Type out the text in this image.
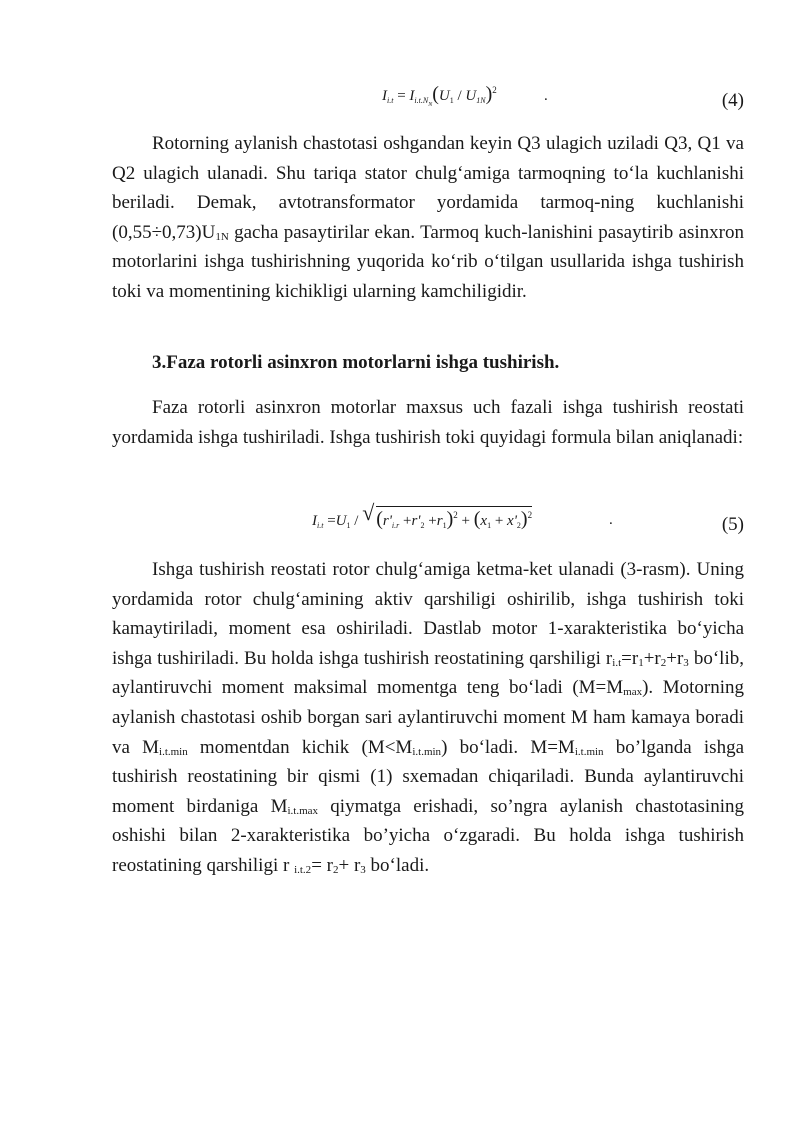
$I_{i.t} = I_{i.t.N_N}(U_1 / U_{1N})^2$	.	(4)

Rotorning aylanish chastotasi oshgandan keyin Q3 ulagich uziladi Q3, Q1 va Q2 ulagich ulanadi. Shu tariqa stator chulg‘amiga tarmoqning to‘la kuchlanishi beriladi. Demak, avtotransformator yordamida tarmoq-ning kuchlanishi $(0,55\div 0,73)U_{1N}$ gacha pasaytirilar ekan. Tarmoq kuch-lanishini pasaytirib asinxron motorlarini ishga tushirishning yuqorida ko‘rib o‘tilgan usullarida ishga tushirish toki va momentining kichikligi ularning kamchiligidir.

3.Faza rotorli asinxron motorlarni ishga tushirish.

Faza rotorli asinxron motorlar maxsus uch fazali ishga tushirish reostati yordamida ishga tushiriladi. Ishga tushirish toki quyidagi formula bilan aniqlanadi:

$I_{i.t} =U_1$ / √ $(r'_{i.r} +r'_2 +r_1)^2 + (x_1 + x'_2)^2$	.	(5)

Ishga tushirish reostati rotor chulg‘amiga ketma-ket ulanadi (3-rasm). Uning yordamida rotor chulg‘amining aktiv qarshiligi oshirilib, ishga tushirish toki kamaytiriladi, moment esa oshiriladi. Dastlab motor 1-xarakteristika bo‘yicha ishga tushiriladi. Bu holda ishga tushirish reostatining qarshiligi $r_{i.t}=r_1+r_2+r_3$ bo‘lib, aylantiruvchi moment maksimal momentga teng bo‘ladi $(M=M_{max})$. Motorning aylanish chastotasi oshib borgan sari aylantiruvchi moment M ham kamaya boradi va $M_{i.t.min}$ momentdan kichik $(M<M_{i.t.min})$ bo‘ladi. $M=M_{i.t.min}$ bo’lganda ishga tushirish reostatining bir qismi (1) sxemadan chiqariladi. Bunda aylantiruvchi moment birdaniga $M_{i.t.max}$ qiymatga erishadi, so’ngra aylanish chastotasining oshishi bilan 2-xarakteristika bo’yicha o‘zgaradi. Bu holda ishga tushirish reostatining qarshiligi r $_{i.t.2}= r_2+ r_3$ bo‘ladi.
